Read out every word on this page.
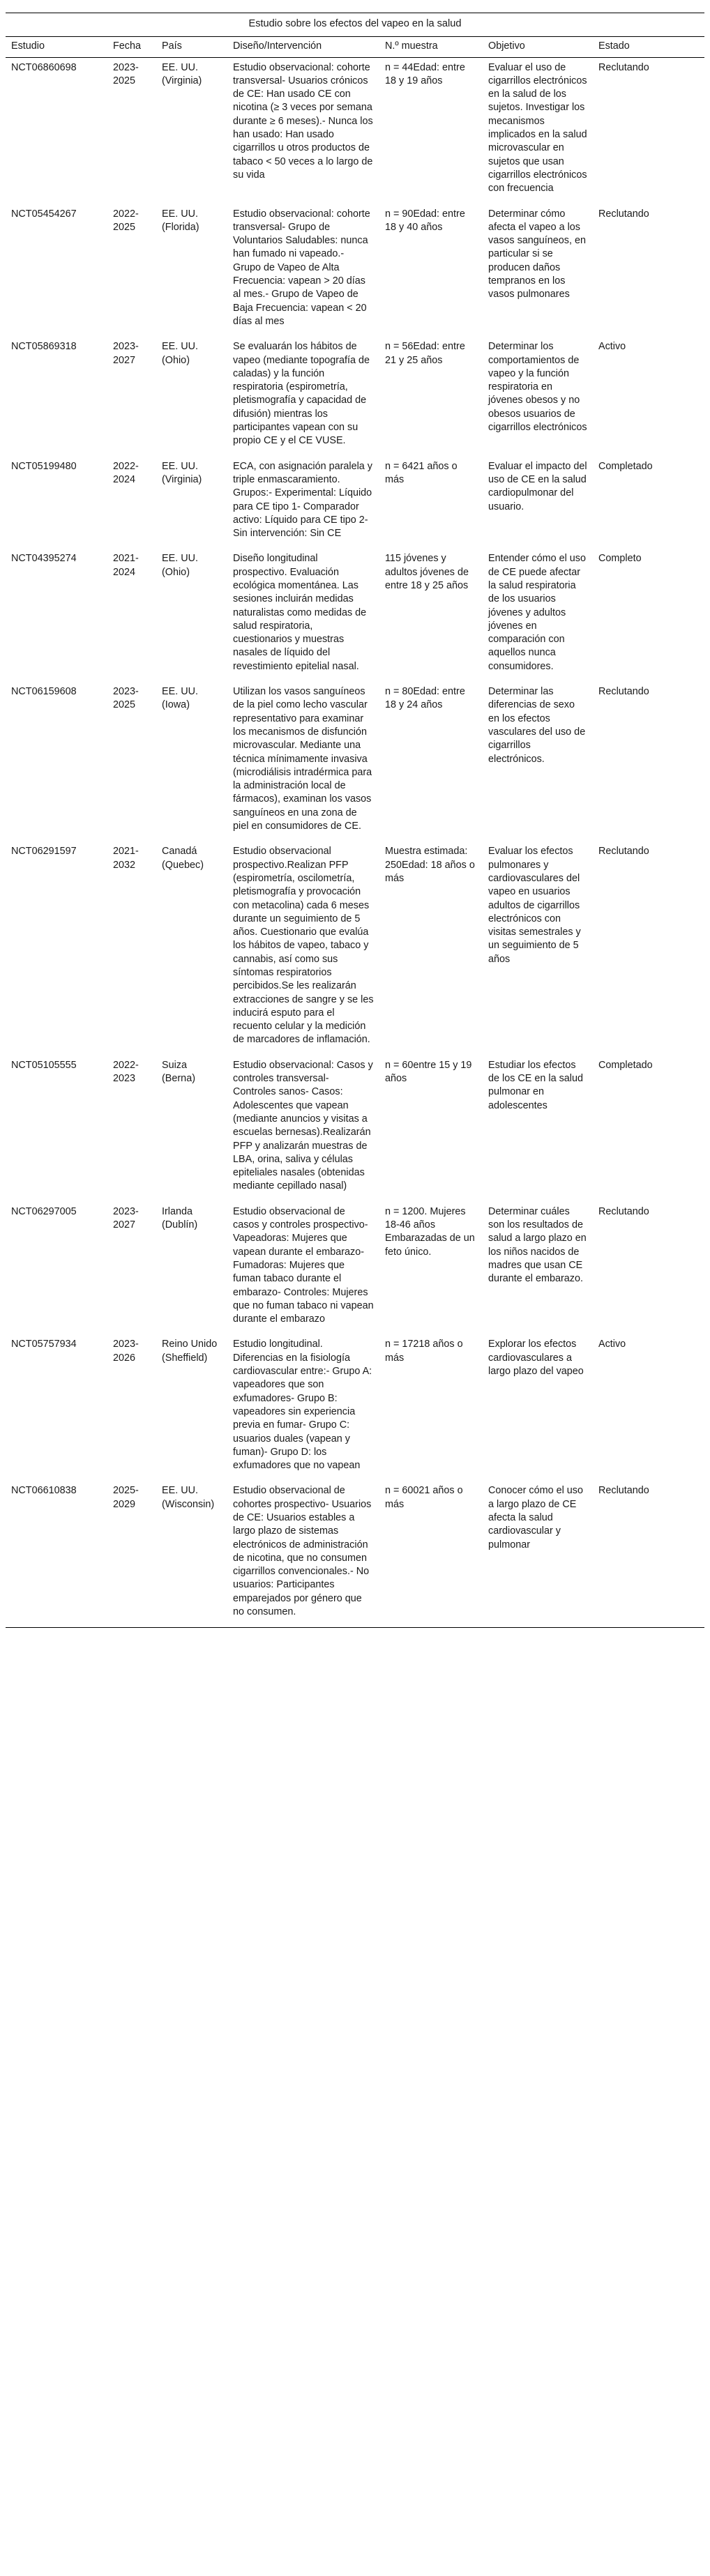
Estudio sobre los efectos del vapeo en la salud
Estudio	Fecha	País	Diseño/Intervención	N.º muestra	Objetivo	Estado
NCT06860698	2023-2025	EE. UU. (Virginia)	Estudio observacional: cohorte transversal- Usuarios crónicos de CE: Han usado CE con nicotina (≥ 3 veces por semana durante ≥ 6 meses).- Nunca los han usado: Han usado cigarrillos u otros productos de tabaco < 50 veces a lo largo de su vida	n = 44Edad: entre 18 y 19 años	Evaluar el uso de cigarrillos electrónicos en la salud de los sujetos. Investigar los mecanismos implicados en la salud microvascular en sujetos que usan cigarrillos electrónicos con frecuencia	Reclutando
NCT05454267	2022-2025	EE. UU. (Florida)	Estudio observacional: cohorte transversal- Grupo de Voluntarios Saludables: nunca han fumado ni vapeado.- Grupo de Vapeo de Alta Frecuencia: vapean > 20 días al mes.- Grupo de Vapeo de Baja Frecuencia: vapean < 20 días al mes	n = 90Edad: entre 18 y 40 años	Determinar cómo afecta el vapeo a los vasos sanguíneos, en particular si se producen daños tempranos en los vasos pulmonares	Reclutando
NCT05869318	2023-2027	EE. UU. (Ohio)	Se evaluarán los hábitos de vapeo (mediante topografía de caladas) y la función respiratoria (espirometría, pletismografía y capacidad de difusión) mientras los participantes vapean con su propio CE y el CE VUSE.	n = 56Edad: entre 21 y 25 años	Determinar los comportamientos de vapeo y la función respiratoria en jóvenes obesos y no obesos usuarios de cigarrillos electrónicos	Activo
NCT05199480	2022-2024	EE. UU. (Virginia)	ECA, con asignación paralela y triple enmascaramiento. Grupos:- Experimental: Líquido para CE tipo 1- Comparador activo: Líquido para CE tipo 2- Sin intervención: Sin CE	n = 6421 años o más	Evaluar el impacto del uso de CE en la salud cardiopulmonar del usuario.	Completado
NCT04395274	2021-2024	EE. UU. (Ohio)	Diseño longitudinal prospectivo. Evaluación ecológica momentánea. Las sesiones incluirán medidas naturalistas como medidas de salud respiratoria, cuestionarios y muestras nasales de líquido del revestimiento epitelial nasal.	115 jóvenes y adultos jóvenes de entre 18 y 25 años	Entender cómo el uso de CE puede afectar la salud respiratoria de los usuarios jóvenes y adultos jóvenes en comparación con aquellos nunca consumidores.	Completo
NCT06159608	2023-2025	EE. UU. (Iowa)	Utilizan los vasos sanguíneos de la piel como lecho vascular representativo para examinar los mecanismos de disfunción microvascular. Mediante una técnica mínimamente invasiva (microdiálisis intradérmica para la administración local de fármacos), examinan los vasos sanguíneos en una zona de piel en consumidores de CE.	n = 80Edad: entre 18 y 24 años	Determinar las diferencias de sexo en los efectos vasculares del uso de cigarrillos electrónicos.	Reclutando
NCT06291597	2021-2032	Canadá (Quebec)	Estudio observacional prospectivo.Realizan PFP (espirometría, oscilometría, pletismografía y provocación con metacolina) cada 6 meses durante un seguimiento de 5 años. Cuestionario que evalúa los hábitos de vapeo, tabaco y cannabis, así como sus síntomas respiratorios percibidos.Se les realizarán extracciones de sangre y se les inducirá esputo para el recuento celular y la medición de marcadores de inflamación.	Muestra estimada: 250Edad: 18 años o más	Evaluar los efectos pulmonares y cardiovasculares del vapeo en usuarios adultos de cigarrillos electrónicos con visitas semestrales y un seguimiento de 5 años	Reclutando
NCT05105555	2022-2023	Suiza (Berna)	Estudio observacional: Casos y controles transversal- Controles sanos- Casos: Adolescentes que vapean (mediante anuncios y visitas a escuelas bernesas).Realizarán PFP y analizarán muestras de LBA, orina, saliva y células epiteliales nasales (obtenidas mediante cepillado nasal)	n = 60entre 15 y 19 años	Estudiar los efectos de los CE en la salud pulmonar en adolescentes	Completado
NCT06297005	2023-2027	Irlanda (Dublín)	Estudio observacional de casos y controles prospectivo- Vapeadoras: Mujeres que vapean durante el embarazo- Fumadoras: Mujeres que fuman tabaco durante el embarazo- Controles: Mujeres que no fuman tabaco ni vapean durante el embarazo	n = 1200. Mujeres 18-46 años Embarazadas de un feto único.	Determinar cuáles son los resultados de salud a largo plazo en los niños nacidos de madres que usan CE durante el embarazo.	Reclutando
NCT05757934	2023-2026	Reino Unido (Sheffield)	Estudio longitudinal. Diferencias en la fisiología cardiovascular entre:- Grupo A: vapeadores que son exfumadores- Grupo B: vapeadores sin experiencia previa en fumar- Grupo C: usuarios duales (vapean y fuman)- Grupo D: los exfumadores que no vapean	n = 17218 años o más	Explorar los efectos cardiovasculares a largo plazo del vapeo	Activo
NCT06610838	2025-2029	EE. UU. (Wisconsin)	Estudio observacional de cohortes prospectivo- Usuarios de CE: Usuarios estables a largo plazo de sistemas electrónicos de administración de nicotina, que no consumen cigarrillos convencionales.- No usuarios: Participantes emparejados por género que no consumen.	n = 60021 años o más	Conocer cómo el uso a largo plazo de CE afecta la salud cardiovascular y pulmonar	Reclutando
